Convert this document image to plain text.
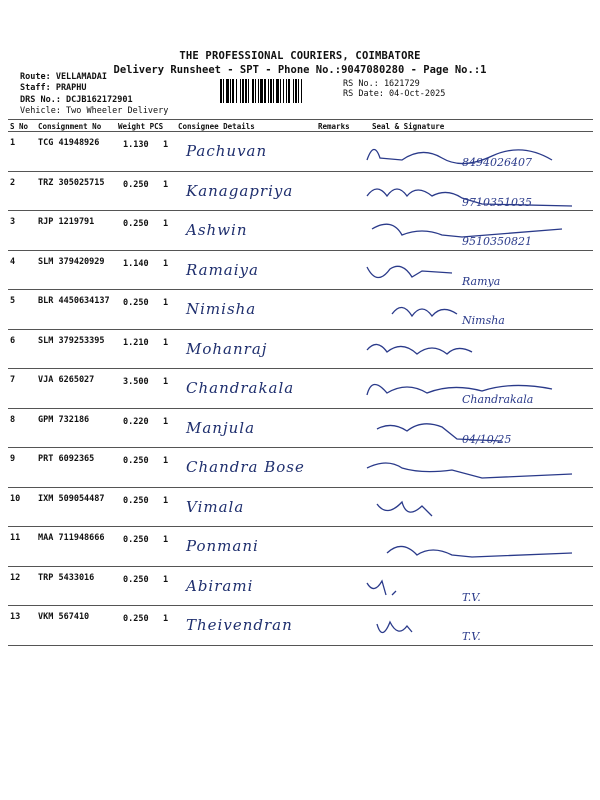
THE PROFESSIONAL COURIERS, COIMBATORE
Delivery Runsheet - SPT - Phone No.:9047080280 - Page No.:1
Route: VELLAMADAI
Staff: PRAPHU
DRS No.: DCJB162172901
Vehicle: Two Wheeler Delivery
RS No.: 1621729
RS Date: 04-Oct-2025
S No Consignment No Weight PCS Consignee Details	Remarks	Seal & Signature
1	TCG 41948926	1.130 1 Pachuvan
8494026407
2	TRZ 305025715 0.250 1 Kanagapriya
9710351035
3	RJP 1219791	0.250 1 Ashwin
9510350821
4	SLM 379420929 1.140 1 Ramaiya
Ramya
5	BLR 4450634137 0.250 1 Nimisha
Nimsha
6	SLM 379253395 1.210 1 Mohanraj
7	VJA 6265027	3.500 1 Chandrakala
Chandrakala
8	GPM 732186	0.220 1 Manjula
04/10/25
9	PRT 6092365	0.250 1 Chandra Bose
10 IXM 509054487 0.250 1 Vimala
11 MAA 711948666 0.250 1 Ponmani
12 TRP 5433016	0.250 1 Abirami
T.V.
13 VKM 567410	0.250 1 Theivendran
T.V.
